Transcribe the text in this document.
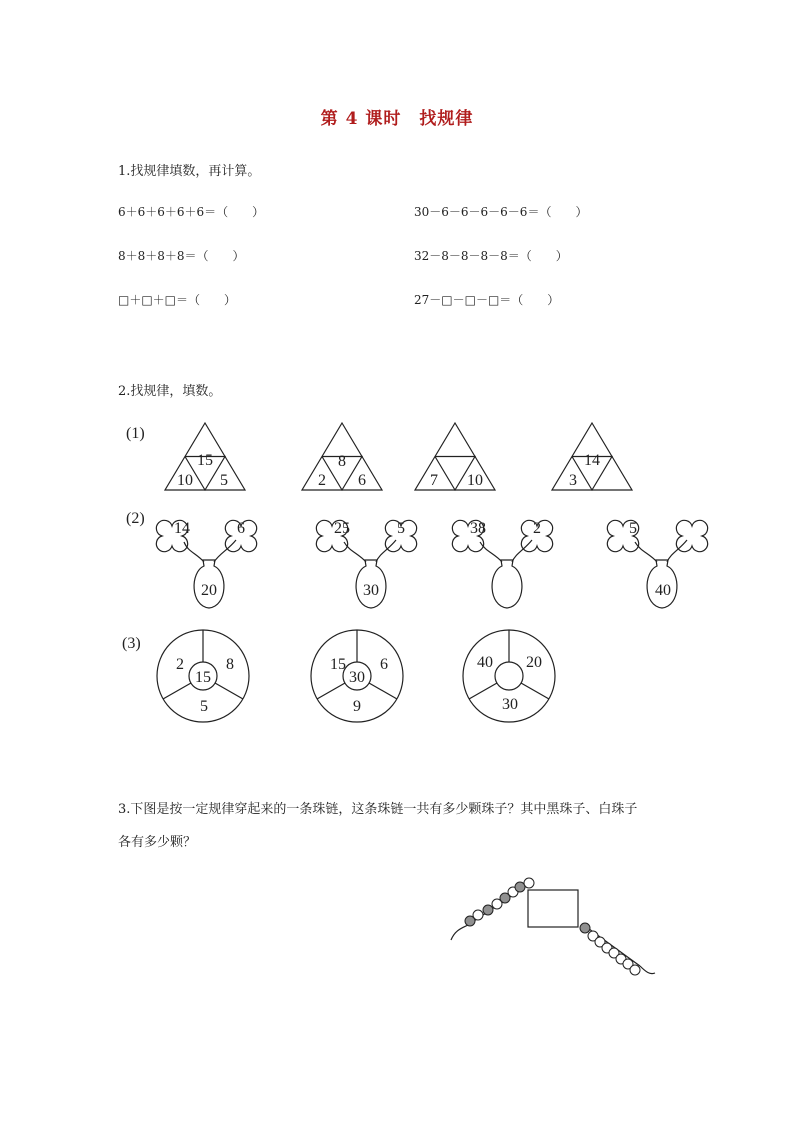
第 4 课时　找规律
1.找规律填数，再计算。
6＋6＋6＋6＋6＝（　　）	30－6－6－6－6－6＝（　　）
8＋8＋8＋8＝（　　）	32－8－8－8－8＝（　　）
□＋□＋□＝（　　）	27－□－□－□＝（　　）
2.找规律，填数。
(1)
(2)
(3)
15
10 5
8
2 6	7 10
14
3
14	6
20
25	5
30
38	2	5
40
2	8
5
15
15 6
9
30
40 20
30
3.下图是按一定规律穿起来的一条珠链，这条珠链一共有多少颗珠子？其中黑珠子、白珠子
各有多少颗？
